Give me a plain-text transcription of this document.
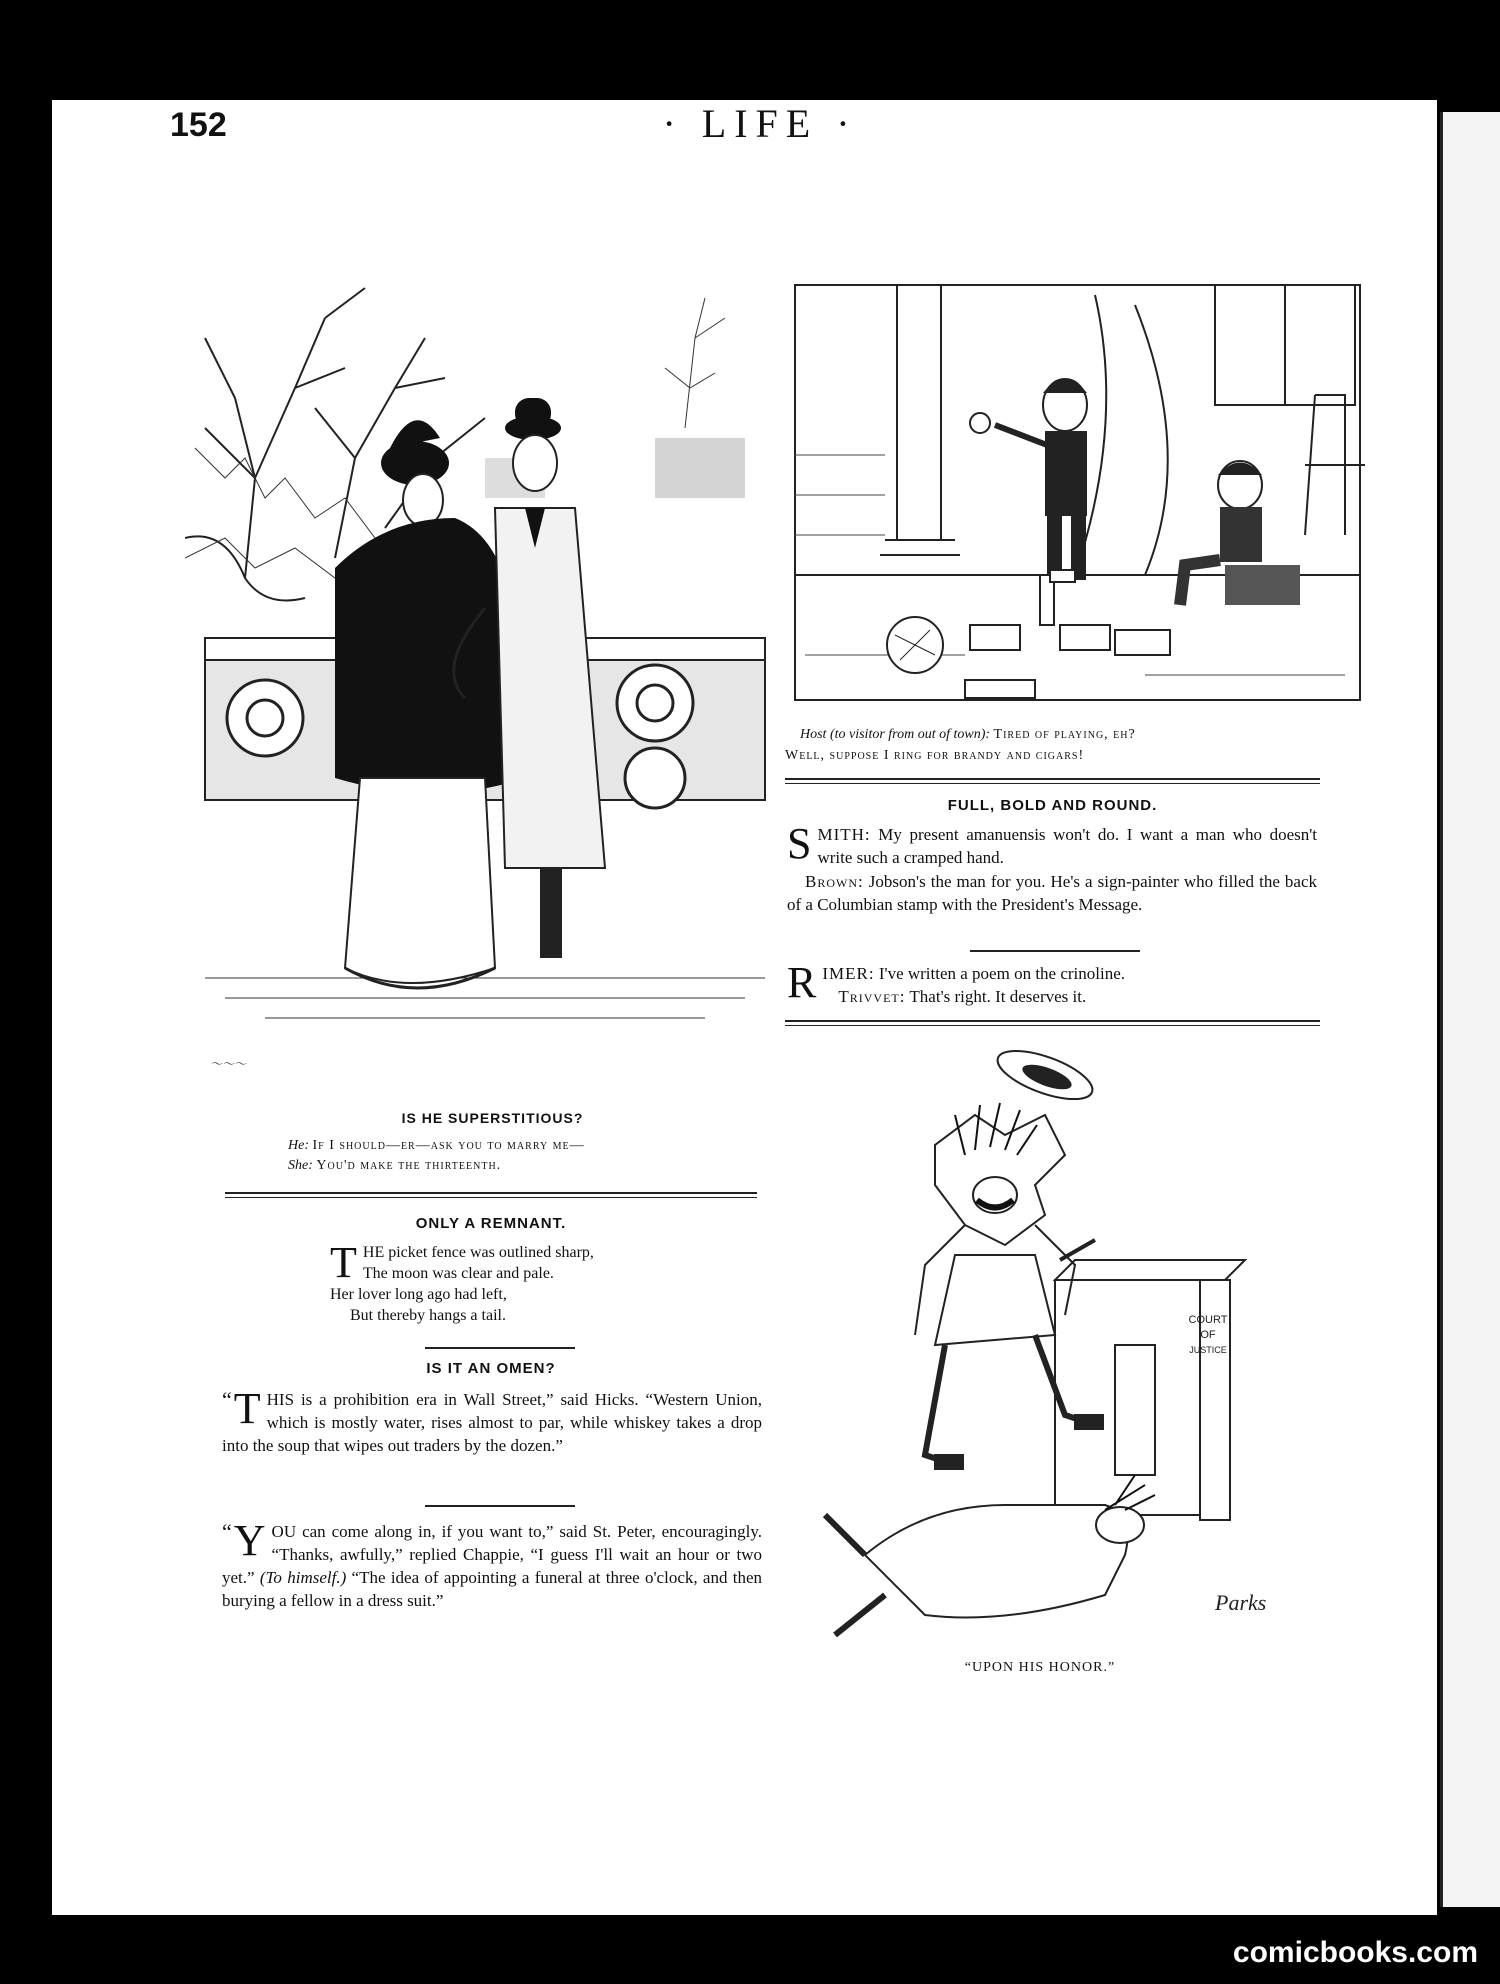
152	· LIFE ·
〜〜〜
IS HE SUPERSTITIOUS?
He: If I should—er—ask you to marry me—
She: You'd make the thirteenth.
ONLY A REMNANT.
T HE picket fence was outlined sharp,
The moon was clear and pale.
Her lover long ago had left,
But thereby hangs a tail.
IS IT AN OMEN?
“ T HIS is a prohibition era in Wall Street,” said Hicks. “Western Union, which is mostly water, rises almost to par, while whiskey takes a drop into the soup that wipes out traders by the dozen.”
“ Y OU can come along in, if you want to,” said St. Peter, encouragingly. “Thanks, awfully,” replied Chappie, “I guess I'll wait an hour or two yet.” (To himself.) “The idea of appointing a funeral at three o'clock, and then burying a fellow in a dress suit.”
Host (to visitor from out of town): Tired of playing, eh?
Well, suppose I ring for brandy and cigars!
FULL, BOLD AND ROUND.
S MITH: My present amanuensis won't do. I want a man who doesn't write such a cramped hand.
Brown: Jobson's the man for you. He's a sign-painter who filled the back of a Columbian stamp with the President's Message.
R IMER: I've written a poem on the crinoline.
Trivvet: That's right. It deserves it.
COURT
OF
JUSTICE
Parks
“UPON HIS HONOR.”
comicbooks.com
